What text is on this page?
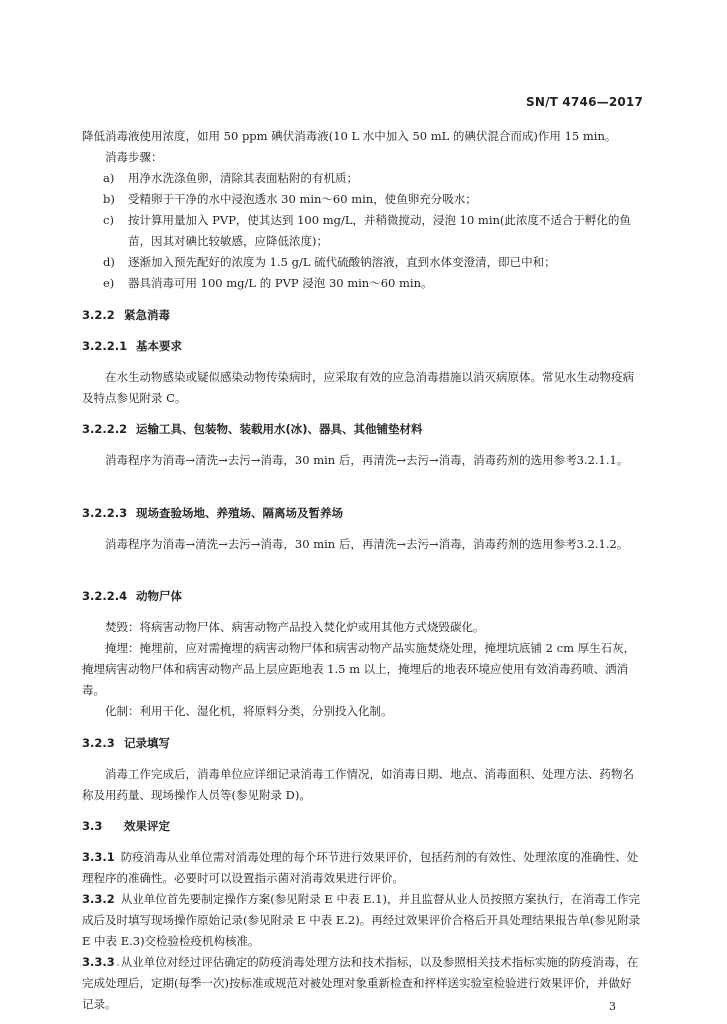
SN/T 4746—2017

降低消毒液使用浓度，如用 50 ppm 碘伏消毒液(10 L 水中加入 50 mL 的碘伏混合而成)作用 15 min。

消毒步骤：

a) 用净水洗涤鱼卵，清除其表面粘附的有机质；
b) 受精卵于干净的水中浸泡透水 30 min～60 min，使鱼卵充分吸水；
c) 按计算用量加入 PVP，使其达到 100 mg/L，并稍微搅动，浸泡 10 min(此浓度不适合于孵化的鱼苗，因其对碘比较敏感，应降低浓度)；
d) 逐渐加入预先配好的浓度为 1.5 g/L 硫代硫酸钠溶液，直到水体变澄清，即已中和；
e) 器具消毒可用 100 mg/L 的 PVP 浸泡 30 min～60 min。
3.2.2 紧急消毒
3.2.2.1 基本要求

在水生动物感染或疑似感染动物传染病时，应采取有效的应急消毒措施以消灭病原体。常见水生动物疫病及特点参见附录 C。

3.2.2.2 运输工具、包装物、装载用水(冰)、器具、其他铺垫材料

消毒程序为消毒→清洗→去污→消毒，30 min 后，再清洗→去污→消毒，消毒药剂的选用参考3.2.1.1。

3.2.2.3 现场查验场地、养殖场、隔离场及暂养场

消毒程序为消毒→清洗→去污→消毒，30 min 后，再清洗→去污→消毒，消毒药剂的选用参考3.2.1.2。

3.2.2.4 动物尸体

焚毁：将病害动物尸体、病害动物产品投入焚化炉或用其他方式烧毁碳化。

掩埋：掩埋前，应对需掩埋的病害动物尸体和病害动物产品实施焚烧处理，掩埋坑底铺 2 cm 厚生石灰，掩埋病害动物尸体和病害动物产品上层应距地表 1.5 m 以上，掩埋后的地表环境应使用有效消毒药喷、洒消毒。

化制：利用干化、湿化机，将原料分类，分别投入化制。

3.2.3 记录填写

消毒工作完成后，消毒单位应详细记录消毒工作情况，如消毒日期、地点、消毒面积、处理方法、药物名称及用药量、现场操作人员等(参见附录 D)。

3.3 效果评定

3.3.1 防疫消毒从业单位需对消毒处理的每个环节进行效果评价，包括药剂的有效性、处理浓度的准确性、处理程序的准确性。必要时可以设置指示菌对消毒效果进行评价。

3.3.2 从业单位首先要制定操作方案(参见附录 E 中表 E.1)，并且监督从业人员按照方案执行，在消毒工作完成后及时填写现场操作原始记录(参见附录 E 中表 E.2)。再经过效果评价合格后开具处理结果报告单(参见附录 E 中表 E.3)交检验检疫机构核准。

3.3.3 从业单位对经过评估确定的防疫消毒处理方法和技术指标，以及参照相关技术指标实施的防疫消毒，在完成处理后，定期(每季一次)按标准或规范对被处理对象重新检查和抨样送实验室检验进行效果评价，并做好记录。	3
